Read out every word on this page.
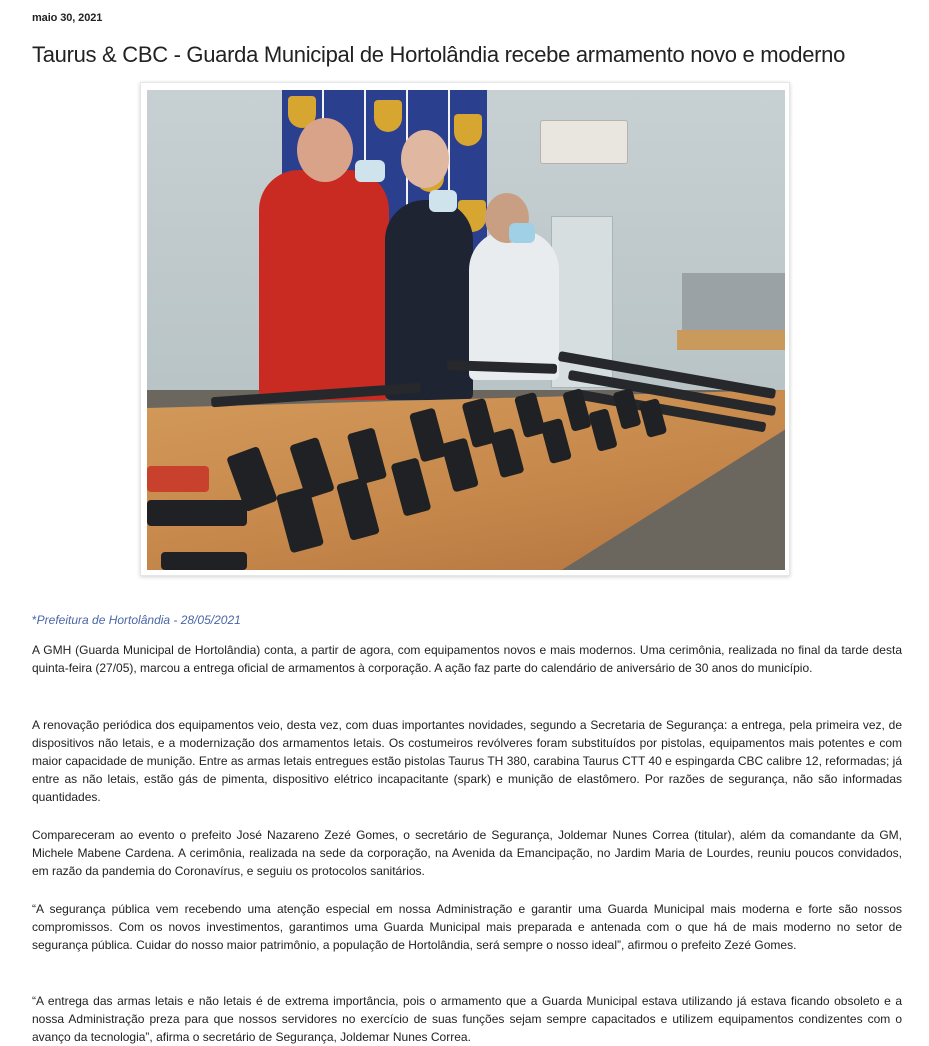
maio 30, 2021
Taurus & CBC - Guarda Municipal de Hortolândia recebe armamento novo e moderno
*Prefeitura de Hortolândia - 28/05/2021

A GMH (Guarda Municipal de Hortolândia) conta, a partir de agora, com equipamentos novos e mais modernos. Uma cerimônia, realizada no final da tarde desta quinta-feira (27/05), marcou a entrega oficial de armamentos à corporação. A ação faz parte do calendário de aniversário de 30 anos do município.

A renovação periódica dos equipamentos veio, desta vez, com duas importantes novidades, segundo a Secretaria de Segurança: a entrega, pela primeira vez, de dispositivos não letais, e a modernização dos armamentos letais. Os costumeiros revólveres foram substituídos por pistolas, equipamentos mais potentes e com maior capacidade de munição. Entre as armas letais entregues estão pistolas Taurus TH 380, carabina Taurus CTT 40 e espingarda CBC calibre 12, reformadas; já entre as não letais, estão gás de pimenta, dispositivo elétrico incapacitante (spark) e munição de elastômero. Por razões de segurança, não são informadas quantidades.

Compareceram ao evento o prefeito José Nazareno Zezé Gomes, o secretário de Segurança, Joldemar Nunes Correa (titular), além da comandante da GM, Michele Mabene Cardena. A cerimônia, realizada na sede da corporação, na Avenida da Emancipação, no Jardim Maria de Lourdes, reuniu poucos convidados, em razão da pandemia do Coronavírus, e seguiu os protocolos sanitários.

“A segurança pública vem recebendo uma atenção especial em nossa Administração e garantir uma Guarda Municipal mais moderna e forte são nossos compromissos. Com os novos investimentos, garantimos uma Guarda Municipal mais preparada e antenada com o que há de mais moderno no setor de segurança pública. Cuidar do nosso maior patrimônio, a população de Hortolândia, será sempre o nosso ideal”, afirmou o prefeito Zezé Gomes.

“A entrega das armas letais e não letais é de extrema importância, pois o armamento que a Guarda Municipal estava utilizando já estava ficando obsoleto e a nossa Administração preza para que nossos servidores no exercício de suas funções sejam sempre capacitados e utilizem equipamentos condizentes com o avanço da tecnologia”, afirma o secretário de Segurança, Joldemar Nunes Correa.
